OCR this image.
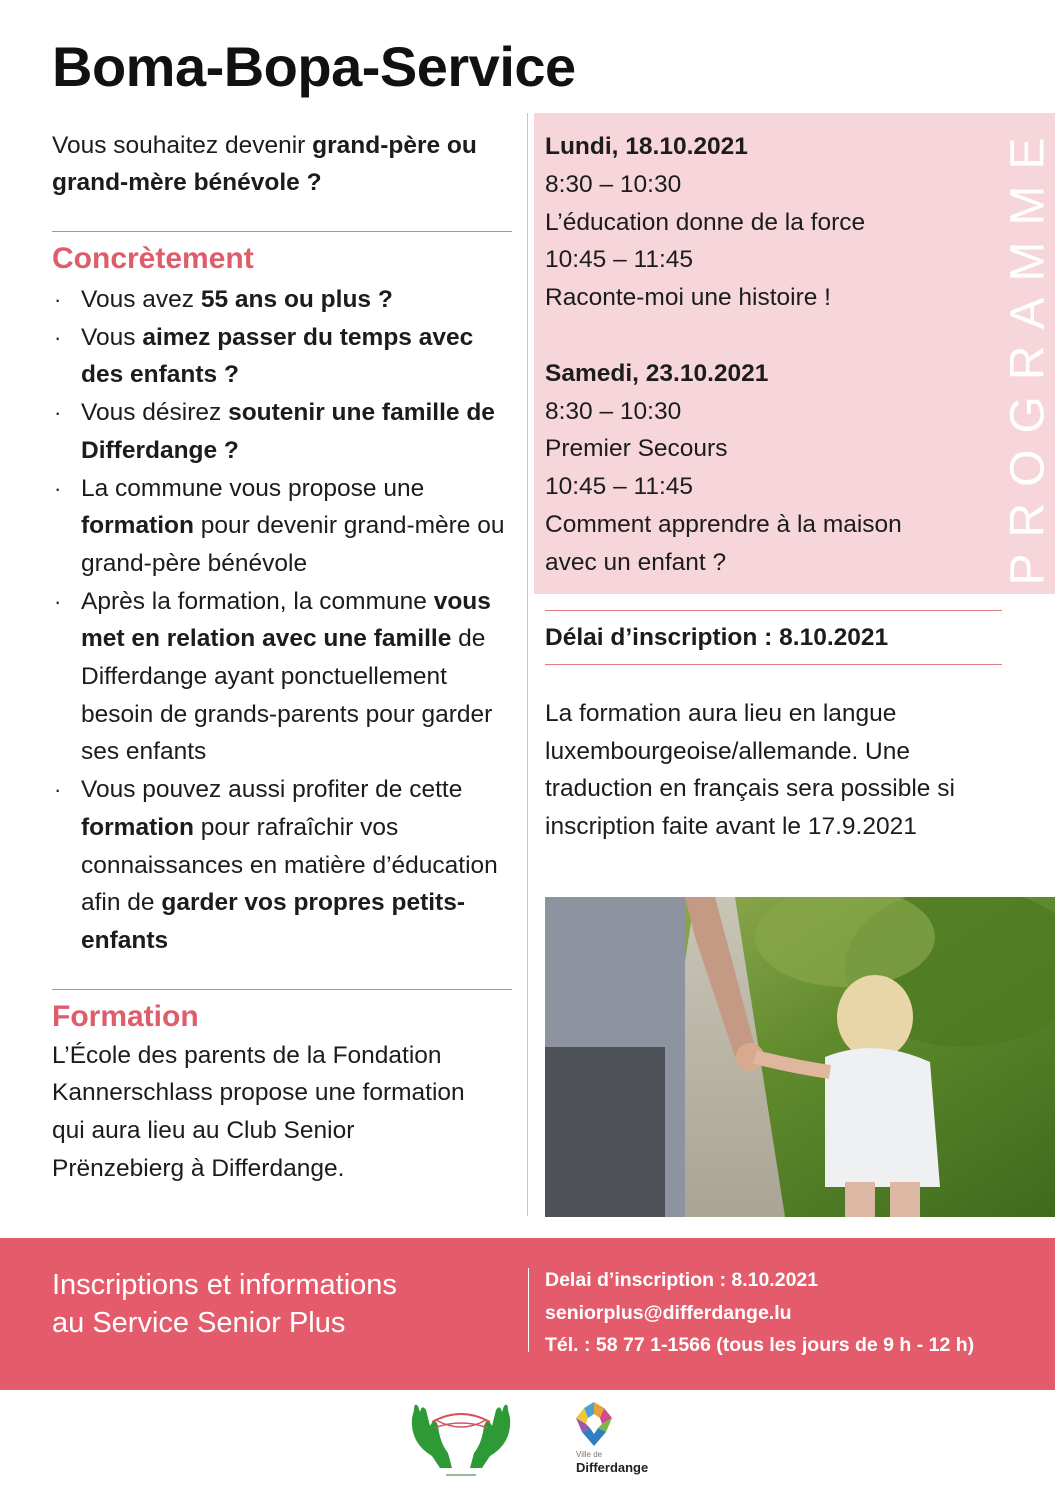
Boma-Bopa-Service

Vous souhaitez devenir grand-père ou grand-mère bénévole ?

Concrètement
· Vous avez 55 ans ou plus ?
· Vous aimez passer du temps avec des enfants ?
· Vous désirez soutenir une famille de Differdange ?
· La commune vous propose une formation pour devenir grand-mère ou grand-père bénévole
· Après la formation, la commune vous met en relation avec une famille de Differdange ayant ponctuellement besoin de grands-parents pour garder ses enfants
· Vous pouvez aussi profiter de cette formation pour rafraîchir vos connaissances en matière d’éducation afin de garder vos propres petits-enfants
Formation

L’École des parents de la Fondation Kannerschlass propose une formation qui aura lieu au Club Senior Prënzebierg à Differdange.

PROGRAMME

Lundi, 18.10.2021

8:30 – 10:30

L’éducation donne de la force

10:45 – 11:45

Raconte-moi une histoire !

Samedi, 23.10.2021

8:30 – 10:30

Premier Secours

10:45 – 11:45

Comment apprendre à la maison avec un enfant ?

Délai d’inscription : 8.10.2021

La formation aura lieu en langue luxembourgeoise/allemande. Une traduction en français sera possible si inscription faite avant le 17.9.2021

Inscriptions et informations
au Service Senior Plus

Delai d’inscription : 8.10.2021
seniorplus@differdange.lu
Tél. : 58 77 1-1566 (tous les jours de 9 h - 12 h)

Ville de
Differdange
